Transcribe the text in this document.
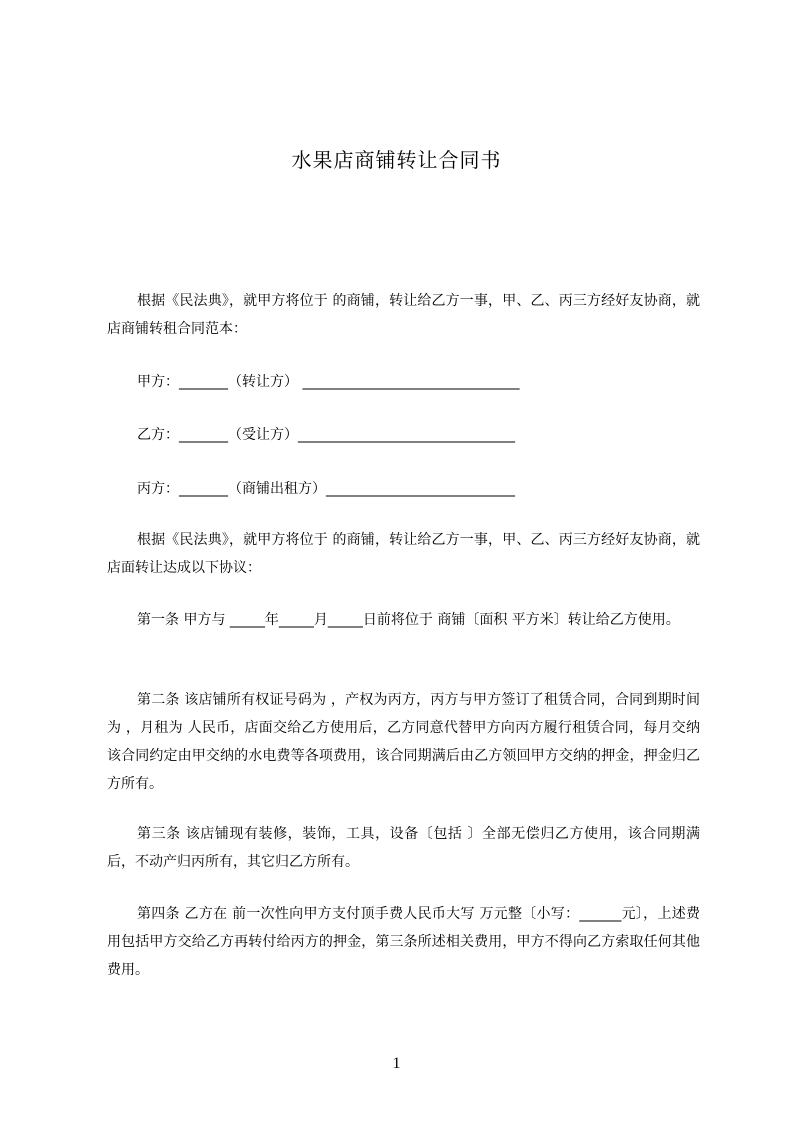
水果店商铺转让合同书

根据《民法典》，就甲方将位于 的商铺，转让给乙方一事，甲、乙、丙三方经好友协商，就店商铺转租合同范本：

甲方：_______（转让方） _______________________________

乙方：_______（受让方）_______________________________

丙方：_______（商铺出租方）___________________________

根据《民法典》，就甲方将位于 的商铺，转让给乙方一事，甲、乙、丙三方经好友协商，就店面转让达成以下协议：

第一条 甲方与 _____年_____月_____日前将位于 商铺〔面积 平方米〕转让给乙方使用。

第二条 该店铺所有权证号码为 ，产权为丙方，丙方与甲方签订了租赁合同，合同到期时间为 ，月租为 人民币，店面交给乙方使用后，乙方同意代替甲方向丙方履行租赁合同，每月交纳该合同约定由甲交纳的水电费等各项费用，该合同期满后由乙方领回甲方交纳的押金，押金归乙方所有。

第三条 该店铺现有装修，装饰，工具，设备〔包括 〕全部无偿归乙方使用，该合同期满后，不动产归丙所有，其它归乙方所有。

第四条 乙方在 前一次性向甲方支付顶手费人民币大写 万元整〔小写：______元〕，上述费用包括甲方交给乙方再转付给丙方的押金，第三条所述相关费用，甲方不得向乙方索取任何其他费用。

1
